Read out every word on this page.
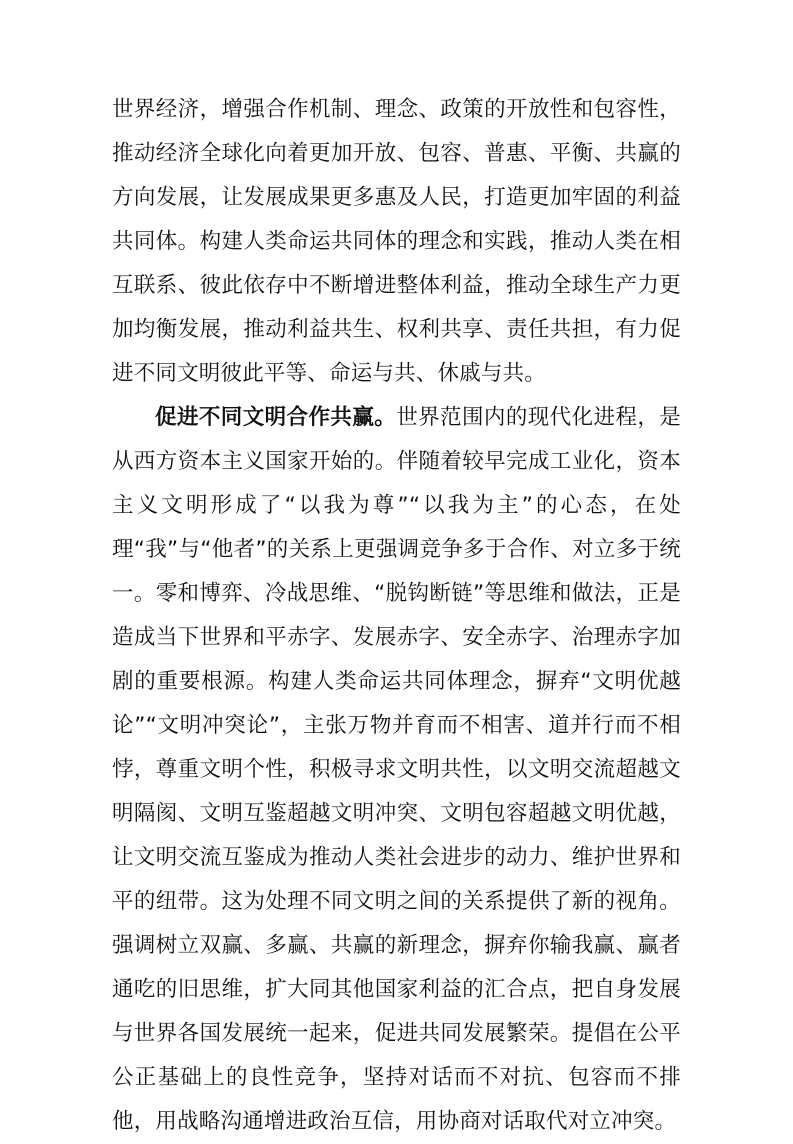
世界经济，增强合作机制、理念、政策的开放性和包容性，推动经济全球化向着更加开放、包容、普惠、平衡、共赢的方向发展，让发展成果更多惠及人民，打造更加牢固的利益共同体。构建人类命运共同体的理念和实践，推动人类在相互联系、彼此依存中不断增进整体利益，推动全球生产力更加均衡发展，推动利益共生、权利共享、责任共担，有力促进不同文明彼此平等、命运与共、休戚与共。

促进不同文明合作共赢。世界范围内的现代化进程，是从西方资本主义国家开始的。伴随着较早完成工业化，资本主义文明形成了“以我为尊”“以我为主”的心态，在处理“我”与“他者”的关系上更强调竞争多于合作、对立多于统一。零和博弈、冷战思维、“脱钩断链”等思维和做法，正是造成当下世界和平赤字、发展赤字、安全赤字、治理赤字加剧的重要根源。构建人类命运共同体理念，摒弃“文明优越论”“文明冲突论”，主张万物并育而不相害、道并行而不相悖，尊重文明个性，积极寻求文明共性，以文明交流超越文明隔阂、文明互鉴超越文明冲突、文明包容超越文明优越，让文明交流互鉴成为推动人类社会进步的动力、维护世界和平的纽带。这为处理不同文明之间的关系提供了新的视角。强调树立双赢、多赢、共赢的新理念，摒弃你输我赢、赢者通吃的旧思维，扩大同其他国家利益的汇合点，把自身发展与世界各国发展统一起来，促进共同发展繁荣。提倡在公平公正基础上的良性竞争，坚持对话而不对抗、包容而不排他，用战略沟通增进政治互信，用协商对话取代对立冲突。
